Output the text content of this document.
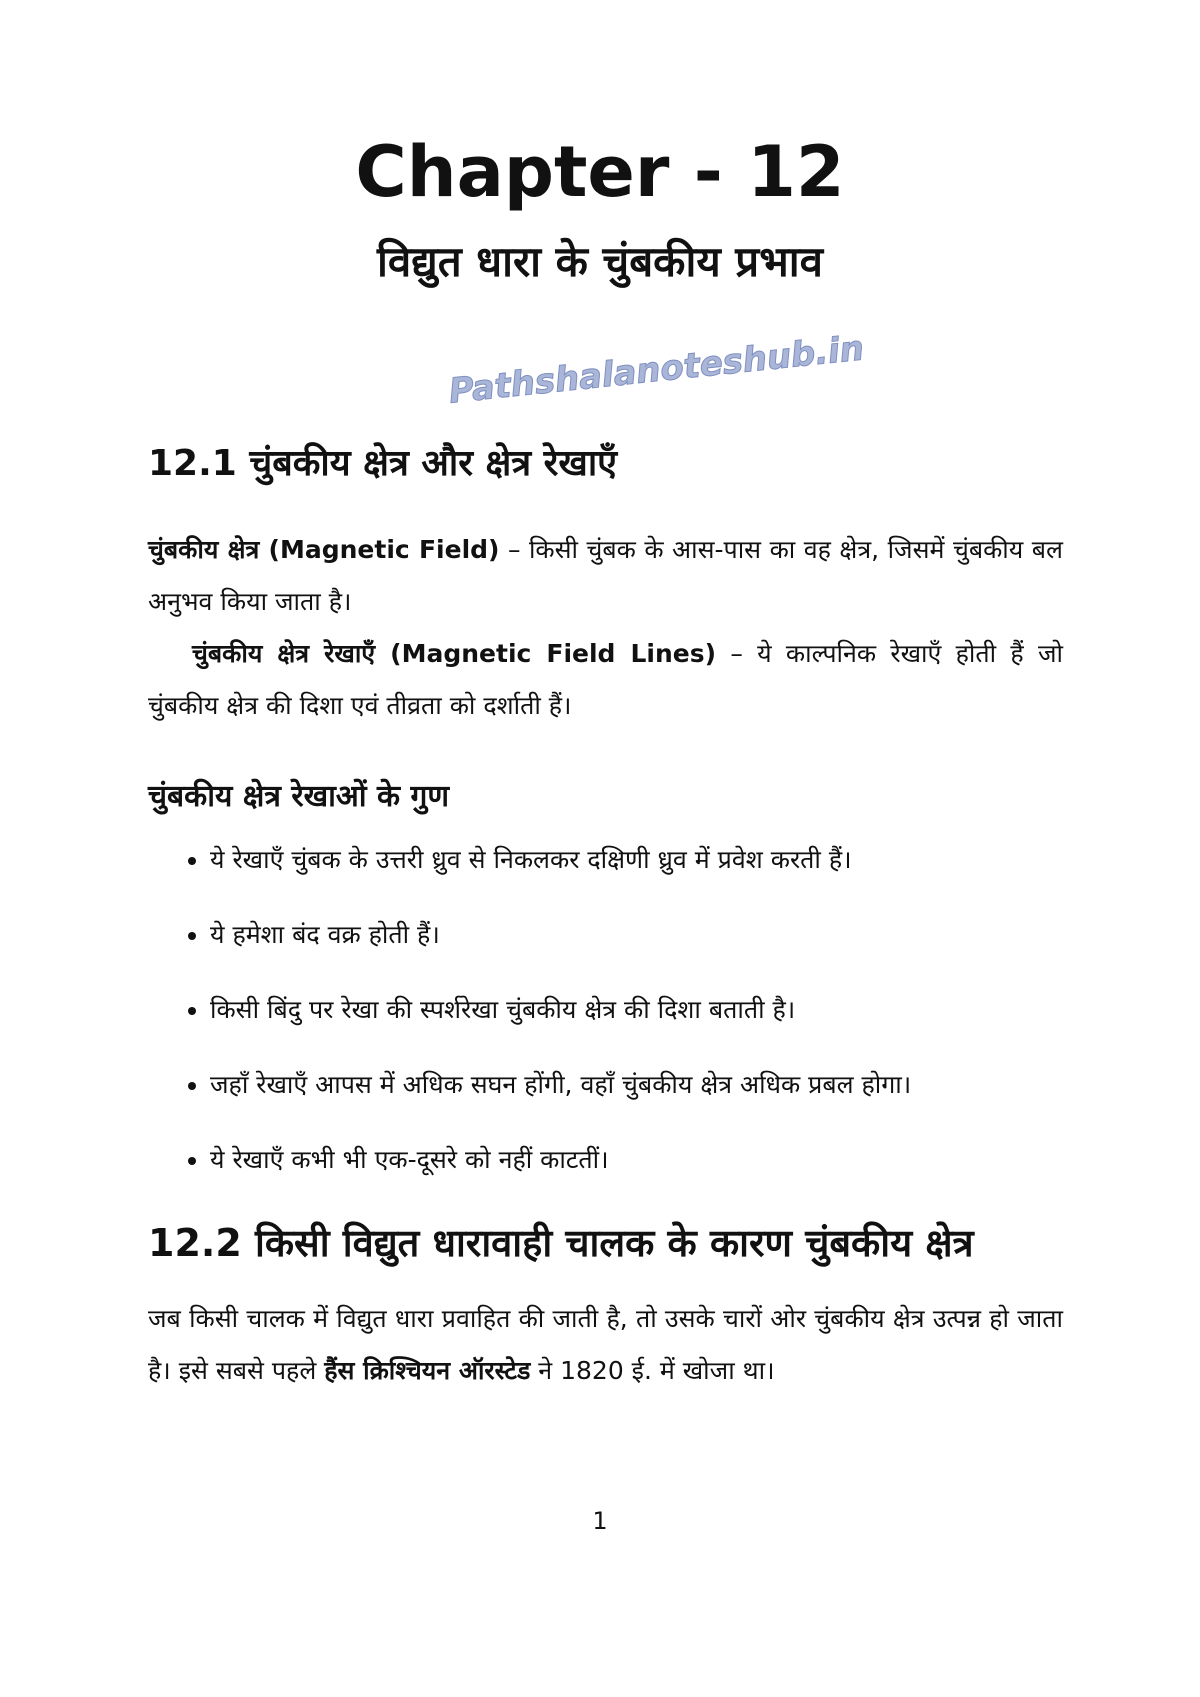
Chapter - 12
विद्युत धारा के चुंबकीय प्रभाव
Pathshalanoteshub.in
12.1 चुंबकीय क्षेत्र और क्षेत्र रेखाएँ
चुंबकीय क्षेत्र (Magnetic Field) – किसी चुंबक के आस-पास का वह क्षेत्र, जिसमें चुंबकीय बल अनुभव किया जाता है।
चुंबकीय क्षेत्र रेखाएँ (Magnetic Field Lines) – ये काल्पनिक रेखाएँ होती हैं जो चुंबकीय क्षेत्र की दिशा एवं तीव्रता को दर्शाती हैं।
चुंबकीय क्षेत्र रेखाओं के गुण
• ये रेखाएँ चुंबक के उत्तरी ध्रुव से निकलकर दक्षिणी ध्रुव में प्रवेश करती हैं।
• ये हमेशा बंद वक्र होती हैं।
• किसी बिंदु पर रेखा की स्पर्शरेखा चुंबकीय क्षेत्र की दिशा बताती है।
• जहाँ रेखाएँ आपस में अधिक सघन होंगी, वहाँ चुंबकीय क्षेत्र अधिक प्रबल होगा।
• ये रेखाएँ कभी भी एक-दूसरे को नहीं काटतीं।
12.2 किसी विद्युत धारावाही चालक के कारण चुंबकीय क्षेत्र
जब किसी चालक में विद्युत धारा प्रवाहित की जाती है, तो उसके चारों ओर चुंबकीय क्षेत्र उत्पन्न हो जाता है। इसे सबसे पहले हैंस क्रिश्चियन ऑरस्टेड ने 1820 ई. में खोजा था।
1
